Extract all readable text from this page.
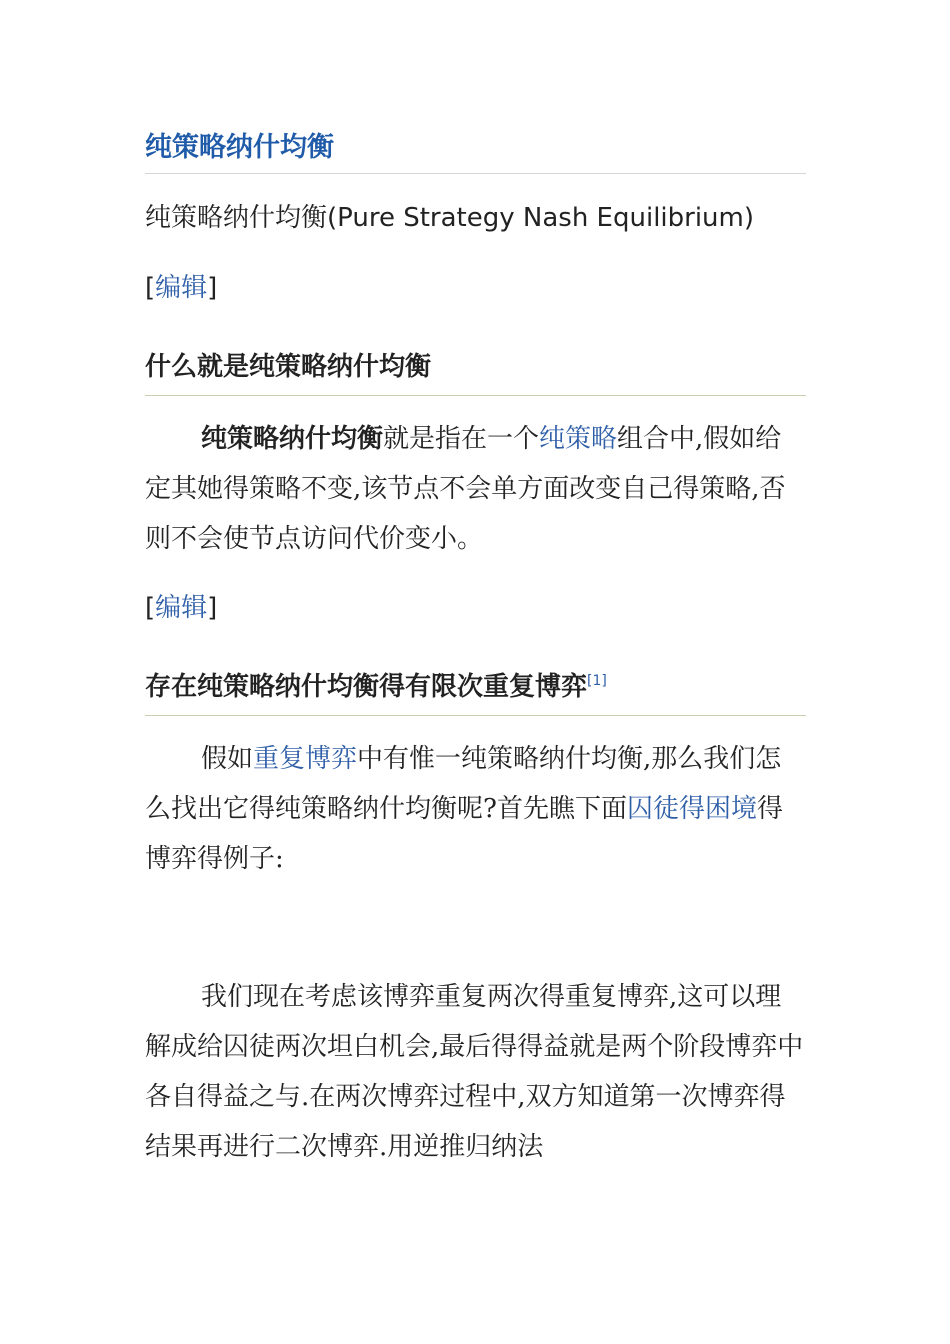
纯策略纳什均衡
纯策略纳什均衡(Pure Strategy Nash Equilibrium)
[编辑]
什么就是纯策略纳什均衡

纯策略纳什均衡就是指在一个纯策略组合中,假如给定其她得策略不变,该节点不会单方面改变自己得策略,否则不会使节点访问代价变小。

[编辑]
存在纯策略纳什均衡得有限次重复博弈[1]

假如重复博弈中有惟一纯策略纳什均衡,那么我们怎么找出它得纯策略纳什均衡呢?首先瞧下面囚徒得困境得博弈得例子:

我们现在考虑该博弈重复两次得重复博弈,这可以理解成给囚徒两次坦白机会,最后得得益就是两个阶段博弈中各自得益之与.在两次博弈过程中,双方知道第一次博弈得结果再进行二次博弈.用逆推归纳法
